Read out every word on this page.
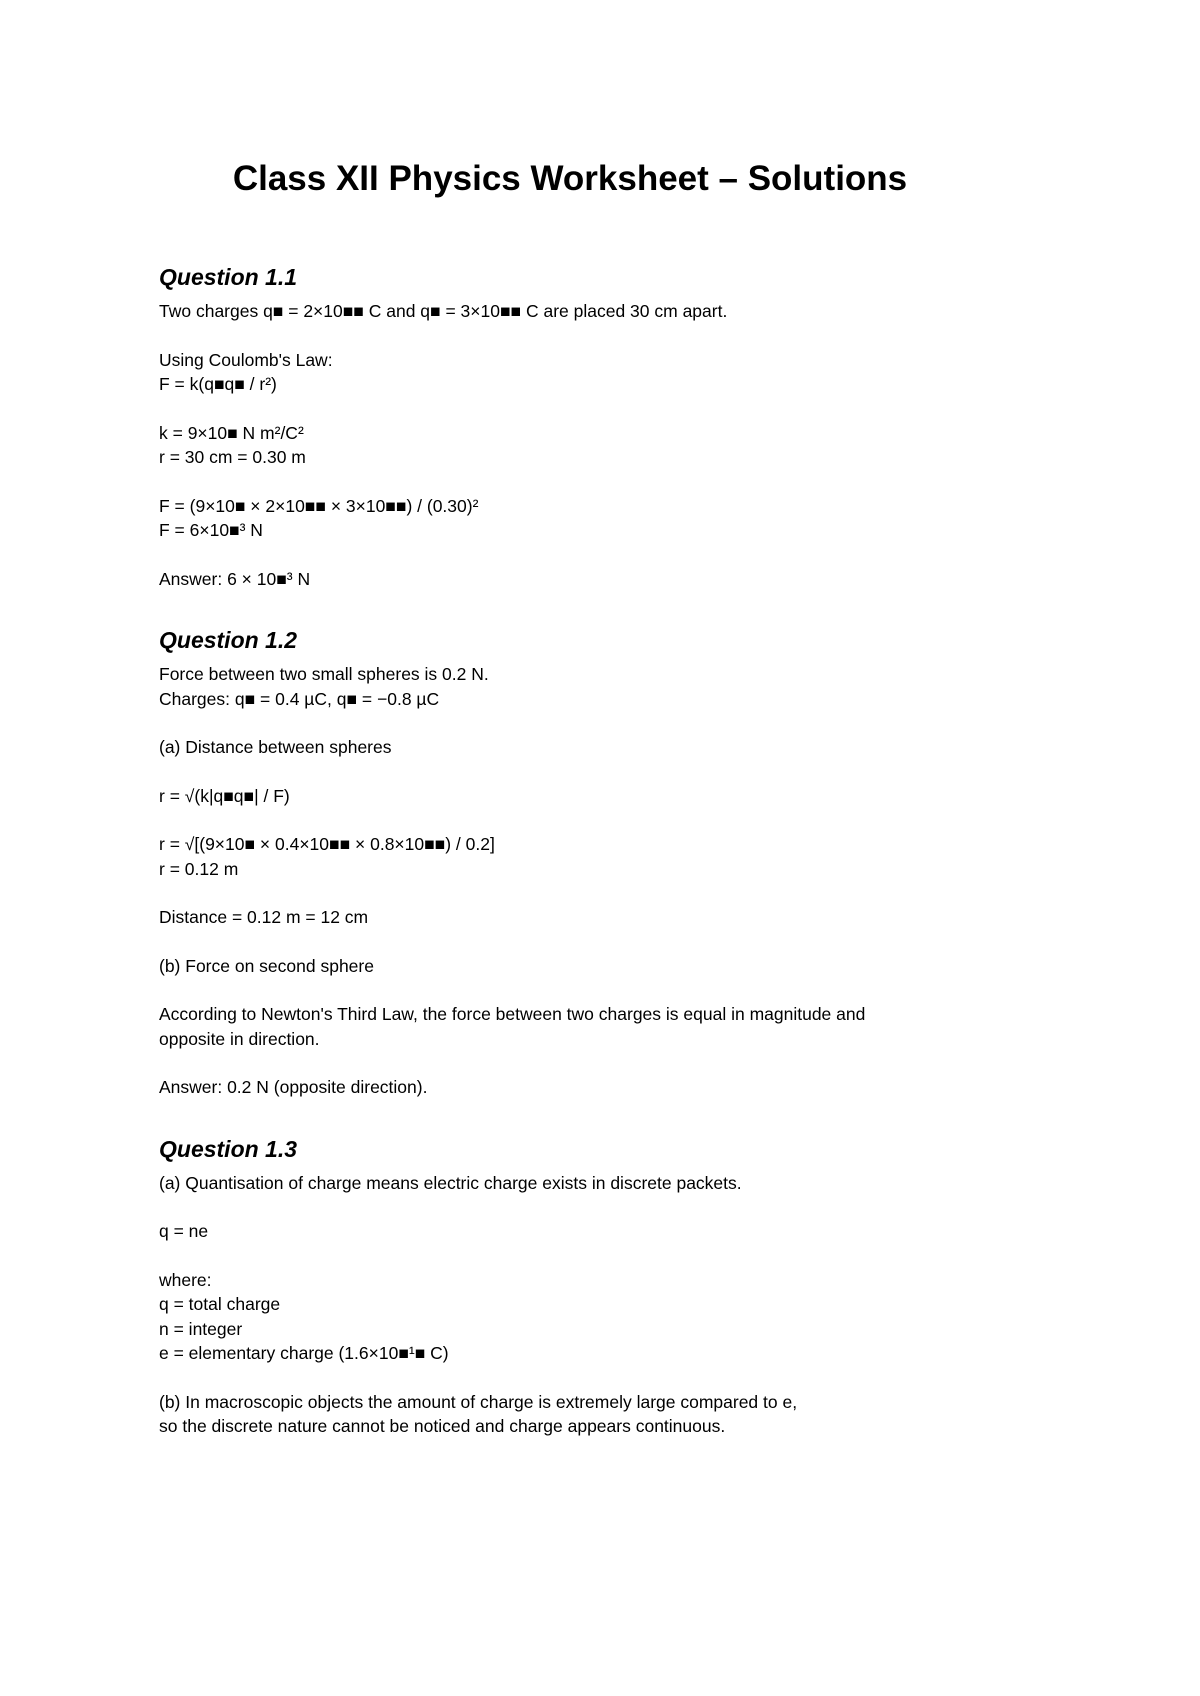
Class XII Physics Worksheet – Solutions
Question 1.1
Two charges q■ = 2×10■■ C and q■ = 3×10■■ C are placed 30 cm apart.
Using Coulomb's Law:
F = k(q■q■ / r²)
k = 9×10■ N m²/C²
r = 30 cm = 0.30 m
F = (9×10■ × 2×10■■ × 3×10■■) / (0.30)²
F = 6×10■³ N
Answer: 6 × 10■³ N
Question 1.2
Force between two small spheres is 0.2 N.
Charges: q■ = 0.4 µC, q■ = −0.8 µC
(a) Distance between spheres
r = √(k|q■q■| / F)
r = √[(9×10■ × 0.4×10■■ × 0.8×10■■) / 0.2]
r = 0.12 m
Distance = 0.12 m = 12 cm
(b) Force on second sphere
According to Newton's Third Law, the force between two charges is equal in magnitude and
opposite in direction.
Answer: 0.2 N (opposite direction).
Question 1.3
(a) Quantisation of charge means electric charge exists in discrete packets.
q = ne
where:
q = total charge
n = integer
e = elementary charge (1.6×10■¹■ C)
(b) In macroscopic objects the amount of charge is extremely large compared to e,
so the discrete nature cannot be noticed and charge appears continuous.
